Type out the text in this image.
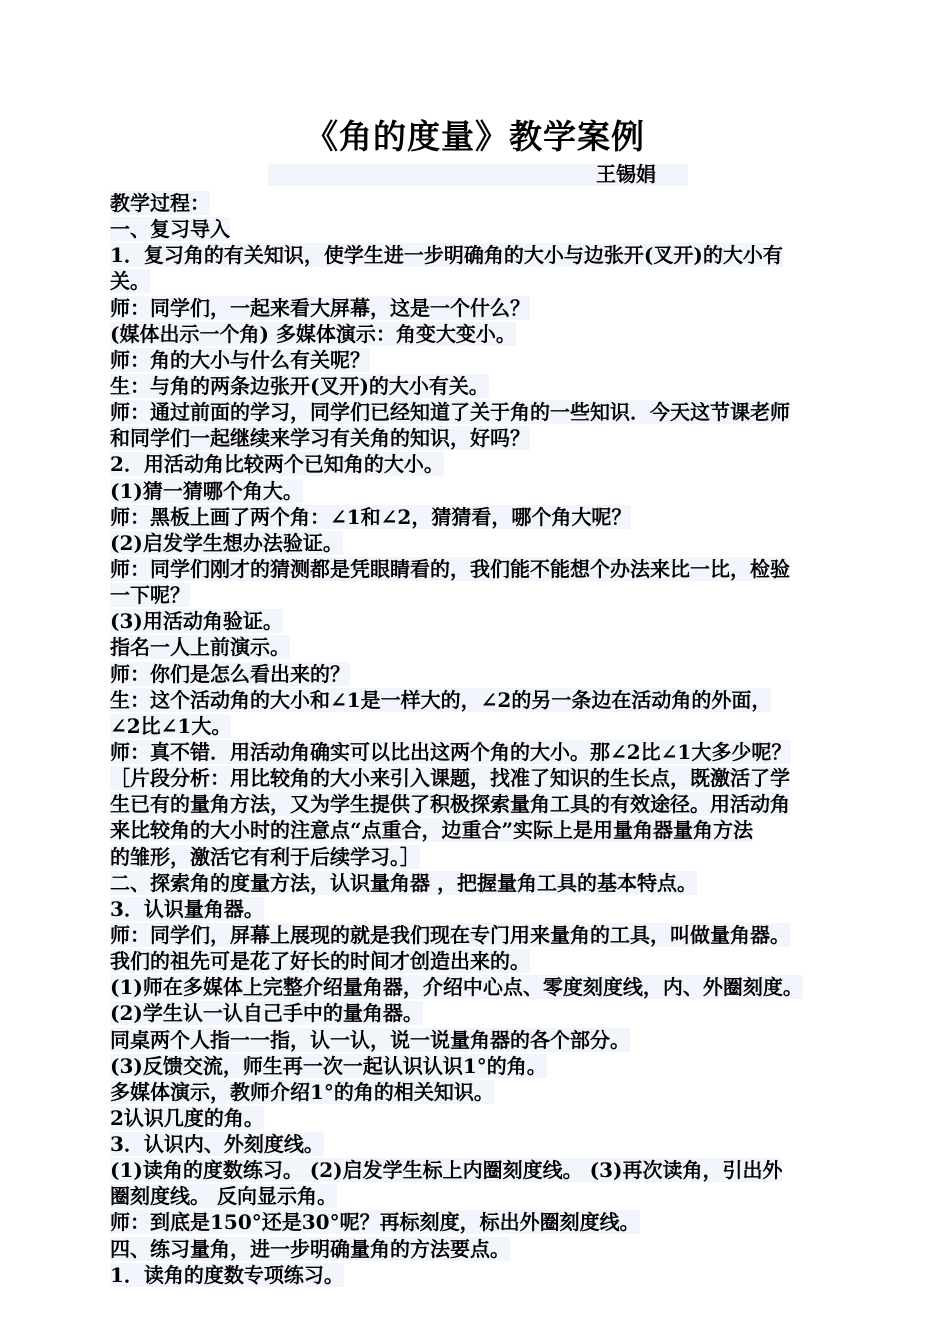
《角的度量》教学案例
王锡娟
教学过程：
一、复习导入
1．复习角的有关知识，使学生进一步明确角的大小与边张开(叉开)的大小有
关。
师：同学们，一起来看大屏幕，这是一个什么？
(媒体出示一个角) 多媒体演示：角变大变小。
师：角的大小与什么有关呢？
生：与角的两条边张开(叉开)的大小有关。
师：通过前面的学习，同学们已经知道了关于角的一些知识．今天这节课老师
和同学们一起继续来学习有关角的知识，好吗？
2．用活动角比较两个已知角的大小。
(1)猜一猜哪个角大。
师：黑板上画了两个角：∠1和∠2，猜猜看，哪个角大呢？
(2)启发学生想办法验证。
师：同学们刚才的猜测都是凭眼睛看的，我们能不能想个办法来比一比，检验
一下呢？
(3)用活动角验证。
指名一人上前演示。
师：你们是怎么看出来的？
生：这个活动角的大小和∠1是一样大的，∠2的另一条边在活动角的外面，
∠2比∠1大。
师：真不错．用活动角确实可以比出这两个角的大小。那∠2比∠1大多少呢？
［片段分析：用比较角的大小来引入课题，找准了知识的生长点，既激活了学
生已有的量角方法，又为学生提供了积极探索量角工具的有效途径。用活动角
来比较角的大小时的注意点“点重合，边重合”实际上是用量角器量角方法
的雏形，激活它有利于后续学习。］
二、探索角的度量方法，认识量角器 ，把握量角工具的基本特点。
3．认识量角器。
师：同学们，屏幕上展现的就是我们现在专门用来量角的工具，叫做量角器。
我们的祖先可是花了好长的时间才创造出来的。
(1)师在多媒体上完整介绍量角器，介绍中心点、零度刻度线，内、外圈刻度。
(2)学生认一认自己手中的量角器。
同桌两个人指一一指，认一认，说一说量角器的各个部分。
(3)反馈交流，师生再一次一起认识认识1°的角。
多媒体演示，教师介绍1°的角的相关知识。
2认识几度的角。
3．认识内、外刻度线。
(1)读角的度数练习。 (2)启发学生标上内圈刻度线。 (3)再次读角，引出外
圈刻度线。 反向显示角。
师：到底是150°还是30°呢？再标刻度，标出外圈刻度线。
四、练习量角，进一步明确量角的方法要点。
1．读角的度数专项练习。
